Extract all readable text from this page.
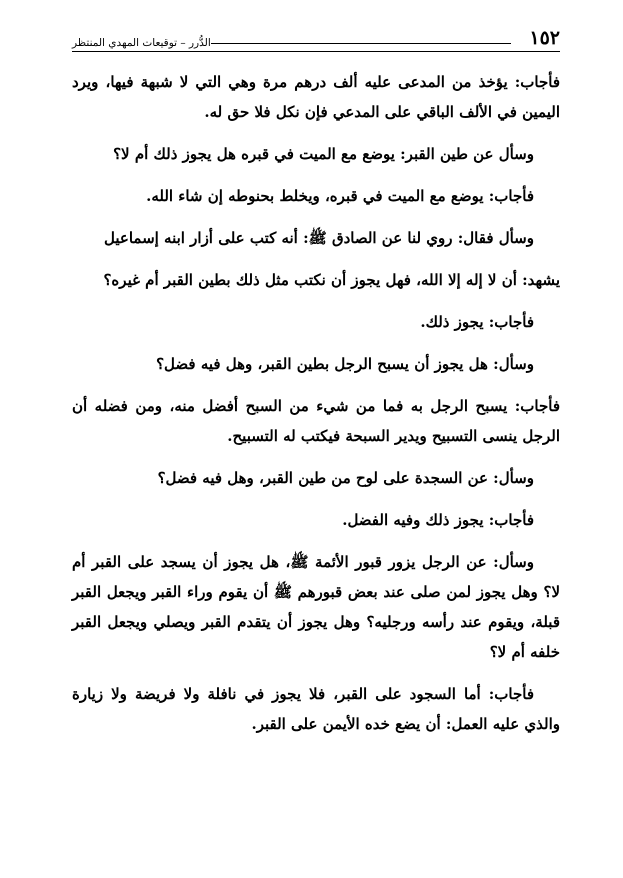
١٥٢
الدُّرر – توقيعات المهدي المنتظر

فأجاب: يؤخذ من المدعى عليه ألف درهم مرة وهي التي لا شبهة فيها، ويرد اليمين في الألف الباقي على المدعي فإن نكل فلا حق له.

وسأل عن طين القبر: يوضع مع الميت في قبره هل يجوز ذلك أم لا؟

فأجاب: يوضع مع الميت في قبره، ويخلط بحنوطه إن شاء الله.

وسأل فقال: روي لنا عن الصادق ﷺ: أنه كتب على أزار ابنه إسماعيل

يشهد: أن لا إله إلا الله، فهل يجوز أن نكتب مثل ذلك بطين القبر أم غيره؟

فأجاب: يجوز ذلك.

وسأل: هل يجوز أن يسبح الرجل بطين القبر، وهل فيه فضل؟

فأجاب: يسبح الرجل به فما من شيء من السبح أفضل منه، ومن فضله أن الرجل ينسى التسبيح ويدير السبحة فيكتب له التسبيح.

وسأل: عن السجدة على لوح من طين القبر، وهل فيه فضل؟

فأجاب: يجوز ذلك وفيه الفضل.

وسأل: عن الرجل يزور قبور الأئمة ﷺ، هل يجوز أن يسجد على القبر أم لا؟ وهل يجوز لمن صلى عند بعض قبورهم ﷺ أن يقوم وراء القبر ويجعل القبر قبلة، ويقوم عند رأسه ورجليه؟ وهل يجوز أن يتقدم القبر ويصلي ويجعل القبر خلفه أم لا؟

فأجاب: أما السجود على القبر، فلا يجوز في نافلة ولا فريضة ولا زيارة والذي عليه العمل: أن يضع خده الأيمن على القبر.
